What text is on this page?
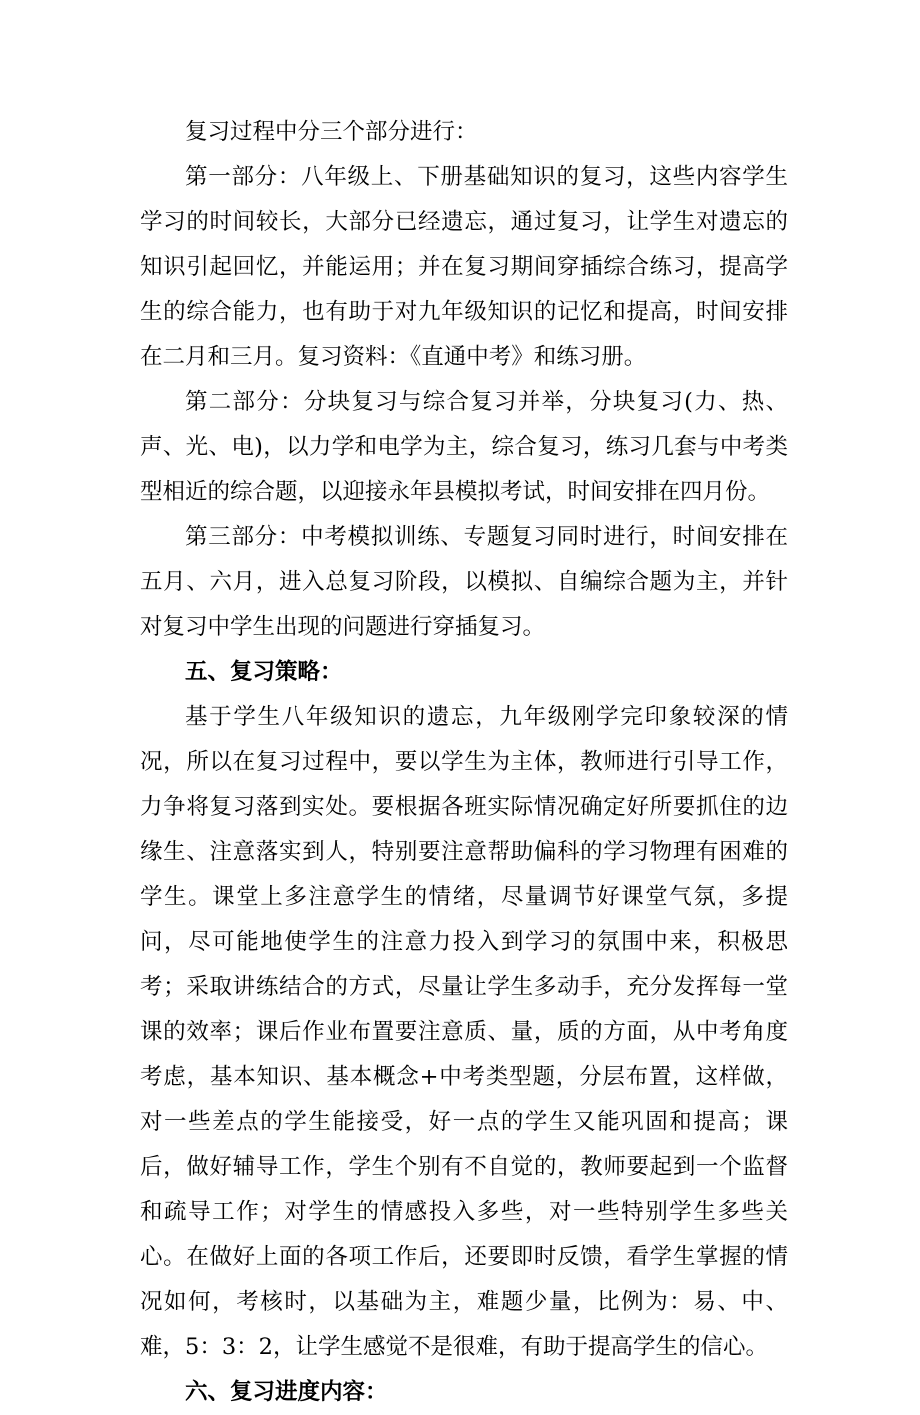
复习过程中分三个部分进行：

第一部分：八年级上、下册基础知识的复习，这些内容学生学习的时间较长，大部分已经遗忘，通过复习，让学生对遗忘的知识引起回忆，并能运用；并在复习期间穿插综合练习，提高学生的综合能力，也有助于对九年级知识的记忆和提高，时间安排在二月和三月。复习资料：《直通中考》和练习册。

第二部分：分块复习与综合复习并举，分块复习(力、热、声、光、电)，以力学和电学为主，综合复习，练习几套与中考类型相近的综合题，以迎接永年县模拟考试，时间安排在四月份。

第三部分：中考模拟训练、专题复习同时进行，时间安排在五月、六月，进入总复习阶段，以模拟、自编综合题为主，并针对复习中学生出现的问题进行穿插复习。

五、复习策略：

基于学生八年级知识的遗忘，九年级刚学完印象较深的情况，所以在复习过程中，要以学生为主体，教师进行引导工作，力争将复习落到实处。要根据各班实际情况确定好所要抓住的边缘生、注意落实到人，特别要注意帮助偏科的学习物理有困难的学生。课堂上多注意学生的情绪，尽量调节好课堂气氛，多提问，尽可能地使学生的注意力投入到学习的氛围中来，积极思考；采取讲练结合的方式，尽量让学生多动手，充分发挥每一堂课的效率；课后作业布置要注意质、量，质的方面，从中考角度考虑，基本知识、基本概念+中考类型题，分层布置，这样做，对一些差点的学生能接受，好一点的学生又能巩固和提高；课后，做好辅导工作，学生个别有不自觉的，教师要起到一个监督和疏导工作；对学生的情感投入多些，对一些特别学生多些关心。在做好上面的各项工作后，还要即时反馈，看学生掌握的情况如何，考核时，以基础为主，难题少量，比例为：易、中、难，5：3：2，让学生感觉不是很难，有助于提高学生的信心。

六、复习进度内容：
